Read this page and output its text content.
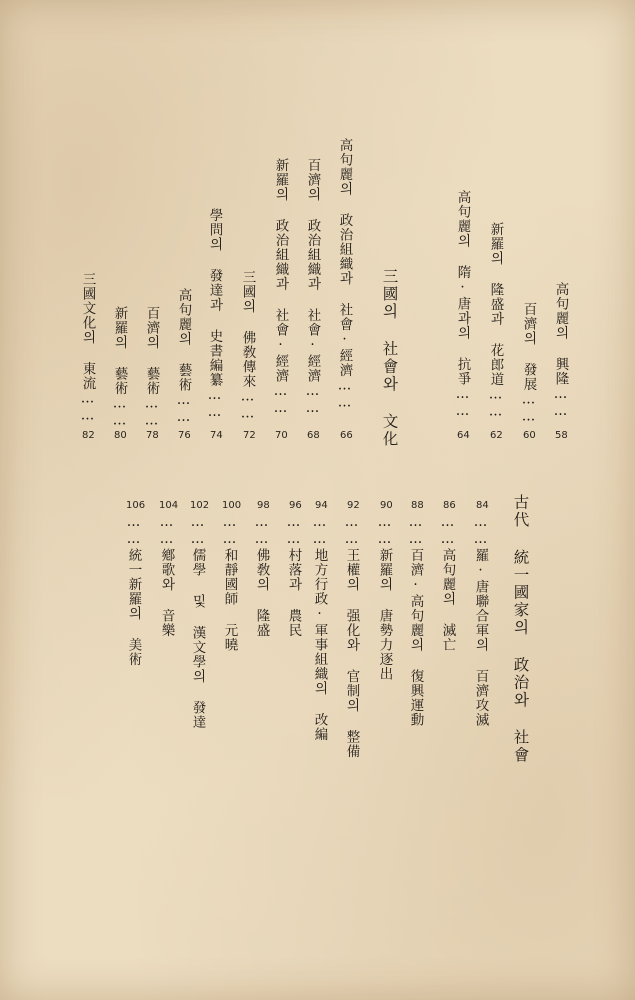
三國의 社會와 文化	高句麗의 興隆……
58
百濟의 發展……
60
新羅의 隆盛과 花郎道……
62
高句麗의 隋·唐과의 抗爭……
64
高句麗의 政治組織과 社會·經濟……
66
百濟의 政治組織과 社會·經濟……
68
新羅의 政治組織과 社會·經濟……
70
三國의 佛敎傳來……
72
學問의 發達과 史書編纂……
74
高句麗의 藝術……
76
百濟의 藝術……
78
新羅의 藝術……
80
三國文化의 東流……
82
古代 統一國家의 政治와 社會
84
……羅·唐聯合軍의 百濟攻滅
86
……高句麗의 滅亡
88
……百濟·高句麗의 復興運動
90
……新羅의 唐勢力逐出
92
……王權의 强化와 官制의 整備
94
……地方行政·軍事組織의 改編
96
……村落과 農民
98
……佛敎의 隆盛
100
……和靜國師 元曉
102
……儒學 및 漢文學의 發達
104
……鄕歌와 音樂
106
……統一新羅의 美術
